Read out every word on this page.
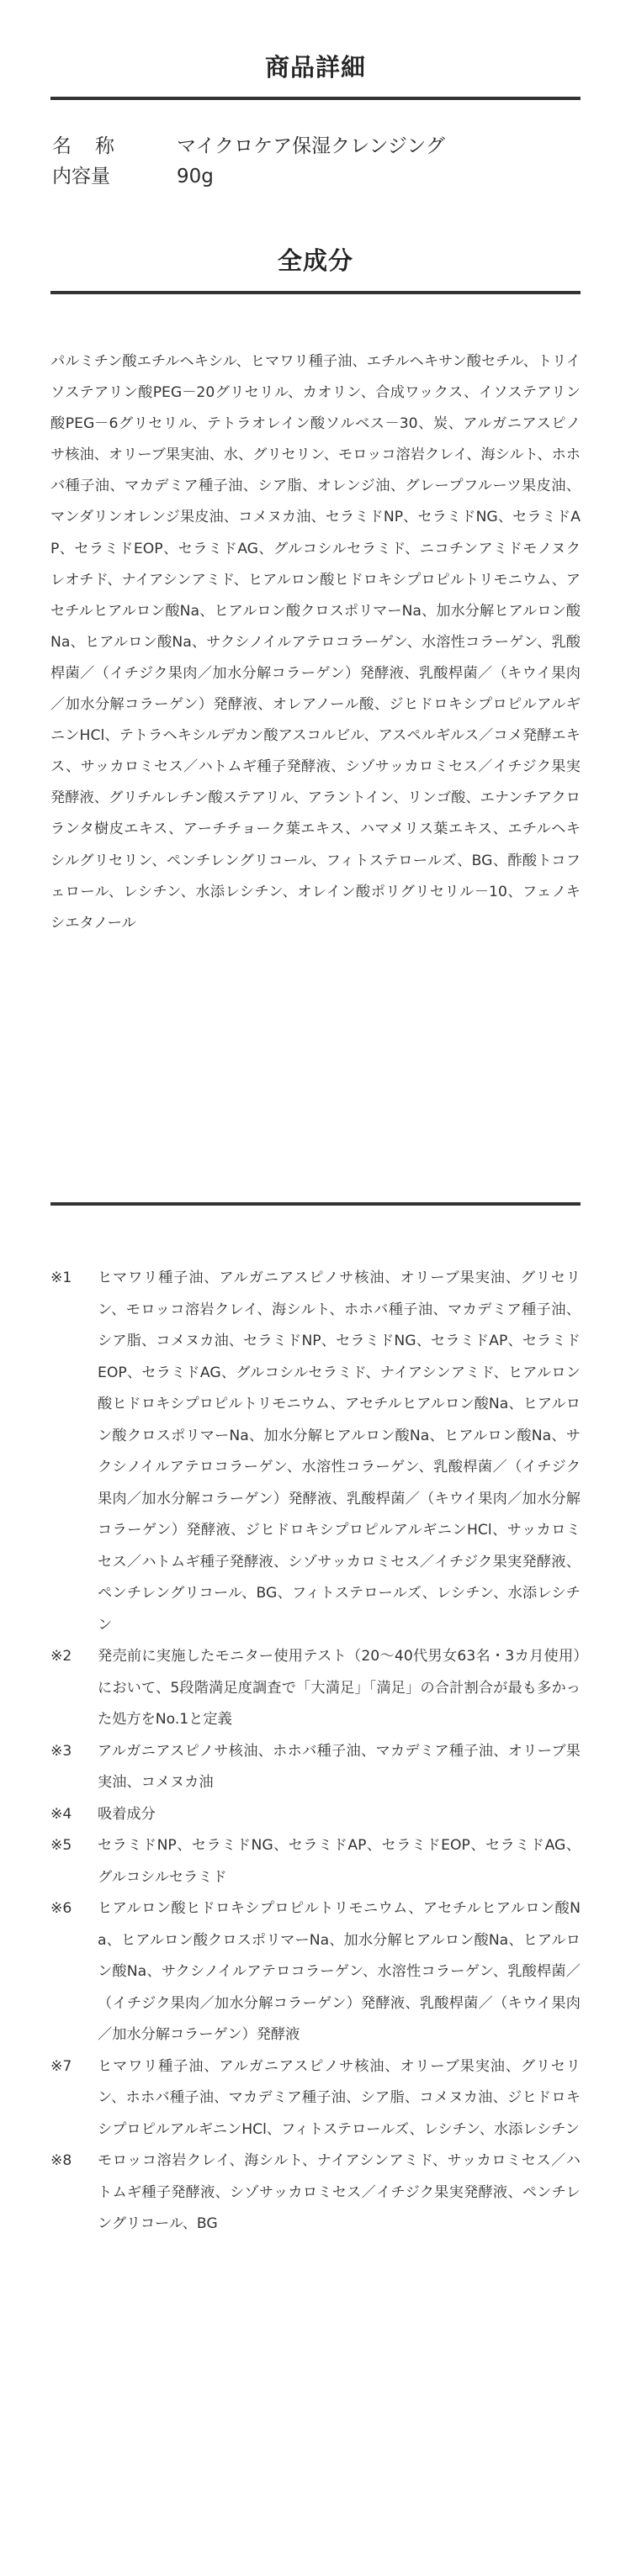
商品詳細
名称	マイクロケア保湿クレンジング
内容量	90g
全成分

パルミチン酸エチルヘキシル、ヒマワリ種子油、エチルヘキサン酸セチル、トリイソステアリン酸PEG－20グリセリル、カオリン、合成ワックス、イソステアリン酸PEG－6グリセリル、テトラオレイン酸ソルベス－30、炭、アルガニアスピノサ核油、オリーブ果実油、水、グリセリン、モロッコ溶岩クレイ、海シルト、ホホバ種子油、マカデミア種子油、シア脂、オレンジ油、グレープフルーツ果皮油、マンダリンオレンジ果皮油、コメヌカ油、セラミドNP、セラミドNG、セラミドAP、セラミドEOP、セラミドAG、グルコシルセラミド、ニコチンアミドモノヌクレオチド、ナイアシンアミド、ヒアルロン酸ヒドロキシプロピルトリモニウム、アセチルヒアルロン酸Na、ヒアルロン酸クロスポリマーNa、加水分解ヒアルロン酸Na、ヒアルロン酸Na、サクシノイルアテロコラーゲン、水溶性コラーゲン、乳酸桿菌／（イチジク果肉／加水分解コラーゲン）発酵液、乳酸桿菌／（キウイ果肉／加水分解コラーゲン）発酵液、オレアノール酸、ジヒドロキシプロピルアルギニンHCl、テトラヘキシルデカン酸アスコルビル、アスペルギルス／コメ発酵エキス、サッカロミセス／ハトムギ種子発酵液、シゾサッカロミセス／イチジク果実発酵液、グリチルレチン酸ステアリル、アラントイン、リンゴ酸、エナンチアクロランタ樹皮エキス、アーチチョーク葉エキス、ハマメリス葉エキス、エチルヘキシルグリセリン、ペンチレングリコール、フィトステロールズ、BG、酢酸トコフェロール、レシチン、水添レシチン、オレイン酸ポリグリセリル－10、フェノキシエタノール

※1	ヒマワリ種子油、アルガニアスピノサ核油、オリーブ果実油、グリセリン、モロッコ溶岩クレイ、海シルト、ホホバ種子油、マカデミア種子油、シア脂、コメヌカ油、セラミドNP、セラミドNG、セラミドAP、セラミドEOP、セラミドAG、グルコシルセラミド、ナイアシンアミド、ヒアルロン酸ヒドロキシプロピルトリモニウム、アセチルヒアルロン酸Na、ヒアルロン酸クロスポリマーNa、加水分解ヒアルロン酸Na、ヒアルロン酸Na、サクシノイルアテロコラーゲン、水溶性コラーゲン、乳酸桿菌／（イチジク果肉／加水分解コラーゲン）発酵液、乳酸桿菌／（キウイ果肉／加水分解コラーゲン）発酵液、ジヒドロキシプロピルアルギニンHCl、サッカロミセス／ハトムギ種子発酵液、シゾサッカロミセス／イチジク果実発酵液、ペンチレングリコール、BG、フィトステロールズ、レシチン、水添レシチン
※2	発売前に実施したモニター使用テスト（20～40代男女63名・3カ月使用）において、5段階満足度調査で「大満足」「満足」の合計割合が最も多かった処方をNo.1と定義
※3	アルガニアスピノサ核油、ホホバ種子油、マカデミア種子油、オリーブ果実油、コメヌカ油
※4	吸着成分
※5	セラミドNP、セラミドNG、セラミドAP、セラミドEOP、セラミドAG、グルコシルセラミド
※6	ヒアルロン酸ヒドロキシプロピルトリモニウム、アセチルヒアルロン酸Na、ヒアルロン酸クロスポリマーNa、加水分解ヒアルロン酸Na、ヒアルロン酸Na、サクシノイルアテロコラーゲン、水溶性コラーゲン、乳酸桿菌／（イチジク果肉／加水分解コラーゲン）発酵液、乳酸桿菌／（キウイ果肉／加水分解コラーゲン）発酵液
※7	ヒマワリ種子油、アルガニアスピノサ核油、オリーブ果実油、グリセリン、ホホバ種子油、マカデミア種子油、シア脂、コメヌカ油、ジヒドロキシプロピルアルギニンHCl、フィトステロールズ、レシチン、水添レシチン
※8	モロッコ溶岩クレイ、海シルト、ナイアシンアミド、サッカロミセス／ハトムギ種子発酵液、シゾサッカロミセス／イチジク果実発酵液、ペンチレングリコール、BG
